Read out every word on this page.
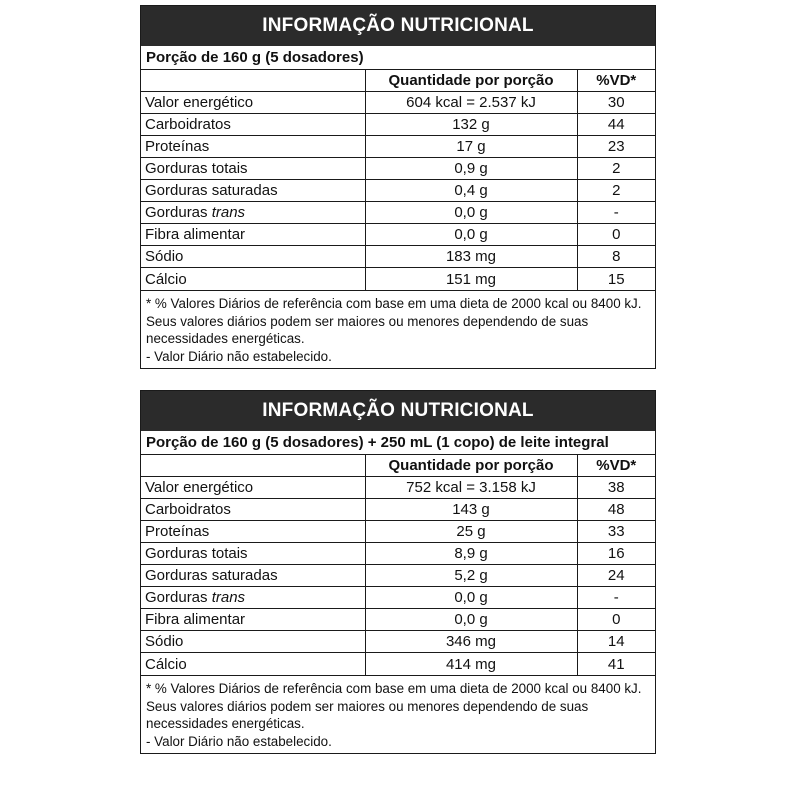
INFORMAÇÃO NUTRICIONAL
Porção de 160 g (5 dosadores)
	Quantidade por porção	%VD*
Valor energético	604 kcal = 2.537 kJ	30
Carboidratos	132 g	44
Proteínas	17 g	23
Gorduras totais	0,9 g	2
Gorduras saturadas	0,4 g	2
Gorduras trans	0,0 g	-
Fibra alimentar	0,0 g	0
Sódio	183 mg	8
Cálcio	151 mg	15

* % Valores Diários de referência com base em uma dieta de 2000 kcal ou 8400 kJ. Seus valores diários podem ser maiores ou menores dependendo de suas necessidades energéticas.

- Valor Diário não estabelecido.

INFORMAÇÃO NUTRICIONAL
Porção de 160 g (5 dosadores) + 250 mL (1 copo) de leite integral
	Quantidade por porção	%VD*
Valor energético	752 kcal = 3.158 kJ	38
Carboidratos	143 g	48
Proteínas	25 g	33
Gorduras totais	8,9 g	16
Gorduras saturadas	5,2 g	24
Gorduras trans	0,0 g	-
Fibra alimentar	0,0 g	0
Sódio	346 mg	14
Cálcio	414 mg	41

* % Valores Diários de referência com base em uma dieta de 2000 kcal ou 8400 kJ. Seus valores diários podem ser maiores ou menores dependendo de suas necessidades energéticas.

- Valor Diário não estabelecido.
